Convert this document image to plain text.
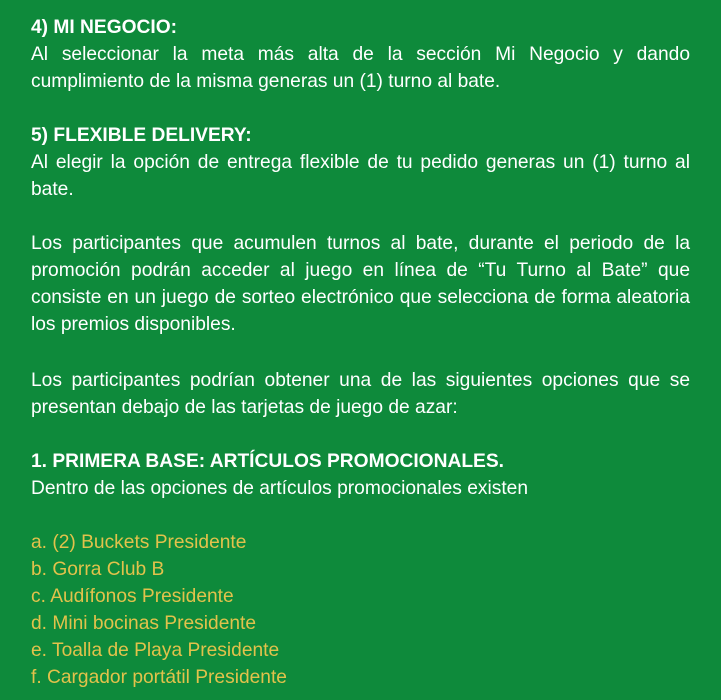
4) MI NEGOCIO:

Al seleccionar la meta más alta de la sección Mi Negocio y dando cumplimiento de la misma generas un (1) turno al bate.

5) FLEXIBLE DELIVERY:

Al elegir la opción de entrega flexible de tu pedido generas un (1) turno al bate.

Los participantes que acumulen turnos al bate, durante el periodo de la promoción podrán acceder al juego en línea de “Tu Turno al Bate” que consiste en un juego de sorteo electrónico que selecciona de forma aleatoria los premios disponibles.

Los participantes podrían obtener una de las siguientes opciones que se presentan debajo de las tarjetas de juego de azar:

1. PRIMERA BASE: ARTÍCULOS PROMOCIONALES.

Dentro de las opciones de artículos promocionales existen

a. (2) Buckets Presidente
b. Gorra Club B
c. Audífonos Presidente
d. Mini bocinas Presidente
e. Toalla de Playa Presidente
f. Cargador portátil Presidente
